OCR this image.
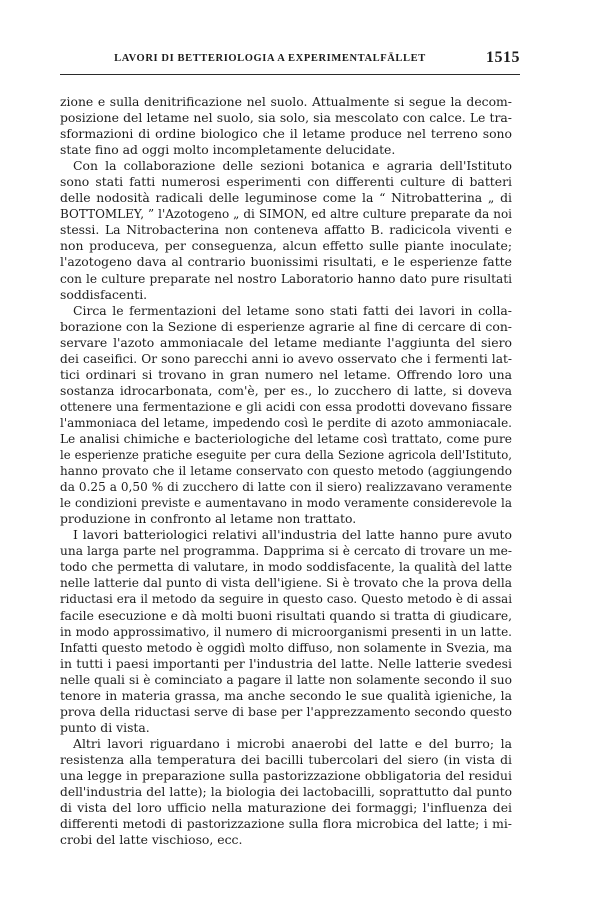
LAVORI DI BETTERIOLOGIA A EXPERIMENTALFÄLLET	1515
zione e sulla denitrificazione nel suolo. Attualmente si segue la decom-
posizione del letame nel suolo, sia solo, sia mescolato con calce. Le tra-
sformazioni di ordine biologico che il letame produce nel terreno sono
state fino ad oggi molto incompletamente delucidate.
Con la collaborazione delle sezioni botanica e agraria dell'Istituto
sono stati fatti numerosi esperimenti con differenti culture di batteri
delle nodosità radicali delle leguminose come la “ Nitrobatterina „ di
BOTTOMLEY, ” l'Azotogeno „ di SIMON, ed altre culture preparate da noi
stessi. La Nitrobacterina non conteneva affatto B. radicicola viventi e
non produceva, per conseguenza, alcun effetto sulle piante inoculate;
l'azotogeno dava al contrario buonissimi risultati, e le esperienze fatte
con le culture preparate nel nostro Laboratorio hanno dato pure risultati
soddisfacenti.
Circa le fermentazioni del letame sono stati fatti dei lavori in colla-
borazione con la Sezione di esperienze agrarie al fine di cercare di con-
servare l'azoto ammoniacale del letame mediante l'aggiunta del siero
dei caseifici. Or sono parecchi anni io avevo osservato che i fermenti lat-
tici ordinari si trovano in gran numero nel letame. Offrendo loro una
sostanza idrocarbonata, com'è, per es., lo zucchero di latte, si doveva
ottenere una fermentazione e gli acidi con essa prodotti dovevano fissare
l'ammoniaca del letame, impedendo così le perdite di azoto ammoniacale.
Le analisi chimiche e bacteriologiche del letame così trattato, come pure
le esperienze pratiche eseguite per cura della Sezione agricola dell'Istituto,
hanno provato che il letame conservato con questo metodo (aggiungendo
da 0.25 a 0,50 % di zucchero di latte con il siero) realizzavano veramente
le condizioni previste e aumentavano in modo veramente considerevole la
produzione in confronto al letame non trattato.
I lavori batteriologici relativi all'industria del latte hanno pure avuto
una larga parte nel programma. Dapprima si è cercato di trovare un me-
todo che permetta di valutare, in modo soddisfacente, la qualità del latte
nelle latterie dal punto di vista dell'igiene. Si è trovato che la prova della
riductasi era il metodo da seguire in questo caso. Questo metodo è di assai
facile esecuzione e dà molti buoni risultati quando si tratta di giudicare,
in modo approssimativo, il numero di microorganismi presenti in un latte.
Infatti questo metodo è oggidì molto diffuso, non solamente in Svezia, ma
in tutti i paesi importanti per l'industria del latte. Nelle latterie svedesi
nelle quali si è cominciato a pagare il latte non solamente secondo il suo
tenore in materia grassa, ma anche secondo le sue qualità igieniche, la
prova della riductasi serve di base per l'apprezzamento secondo questo
punto di vista.
Altri lavori riguardano i microbi anaerobi del latte e del burro; la
resistenza alla temperatura dei bacilli tubercolari del siero (in vista di
una legge in preparazione sulla pastorizzazione obbligatoria del residui
dell'industria del latte); la biologia dei lactobacilli, soprattutto dal punto
di vista del loro ufficio nella maturazione dei formaggi; l'influenza dei
differenti metodi di pastorizzazione sulla flora microbica del latte; i mi-
crobi del latte vischioso, ecc.
